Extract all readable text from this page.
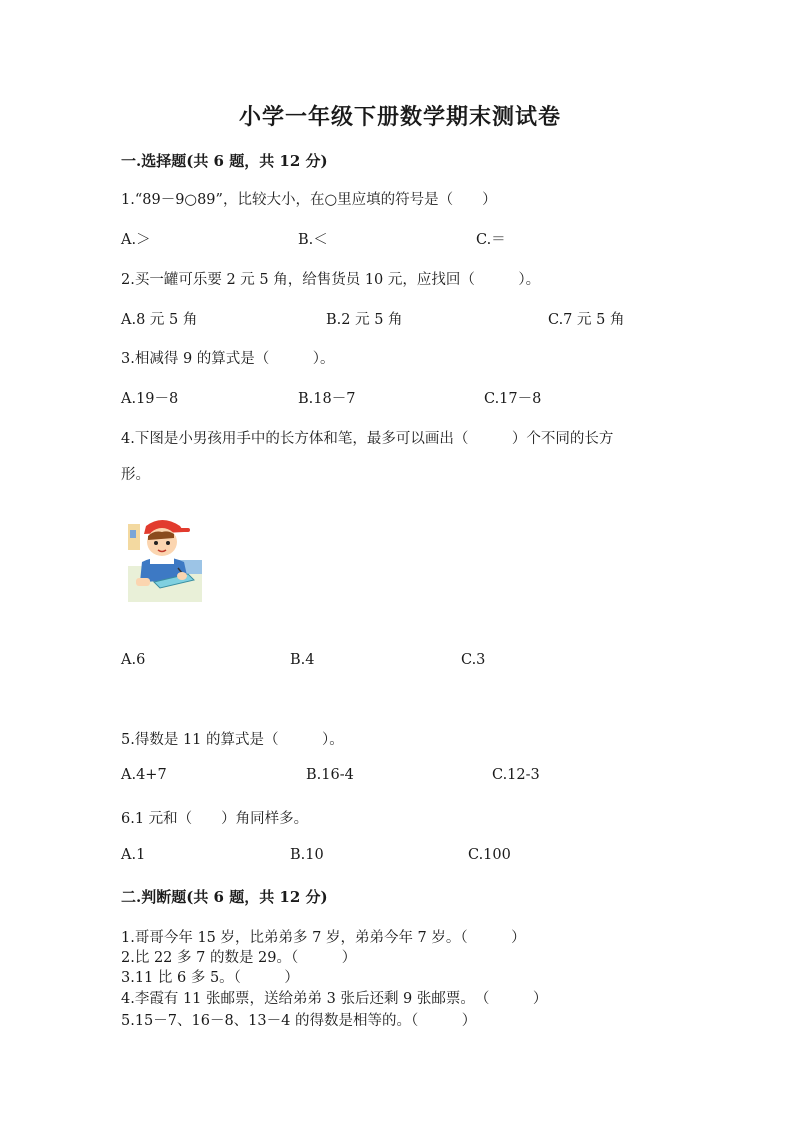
小学一年级下册数学期末测试卷
一.选择题(共 6 题，共 12 分)
1.“89－9○89”，比较大小，在○里应填的符号是（　　）
A.＞	B.＜	C.＝
2.买一罐可乐要 2 元 5 角，给售货员 10 元，应找回（　　　）。
A.8 元 5 角	B.2 元 5 角	C.7 元 5 角
3.相减得 9 的算式是（　　　）。
A.19－8	B.18－7	C.17－8
4.下图是小男孩用手中的长方体和笔，最多可以画出（　　　）个不同的长方
形。
A.6	B.4	C.3
5.得数是 11 的算式是（　　　）。
A.4+7	B.16-4	C.12-3
6.1 元和（　　）角同样多。
A.1	B.10	C.100
二.判断题(共 6 题，共 12 分)
1.哥哥今年 15 岁，比弟弟多 7 岁，弟弟今年 7 岁。（　　　）
2.比 22 多 7 的数是 29。（　　　）
3.11 比 6 多 5。（　　　）
4.李霞有 11 张邮票，送给弟弟 3 张后还剩 9 张邮票。　（　　　）
5.15－7、16－8、13－4 的得数是相等的。（　　　）
